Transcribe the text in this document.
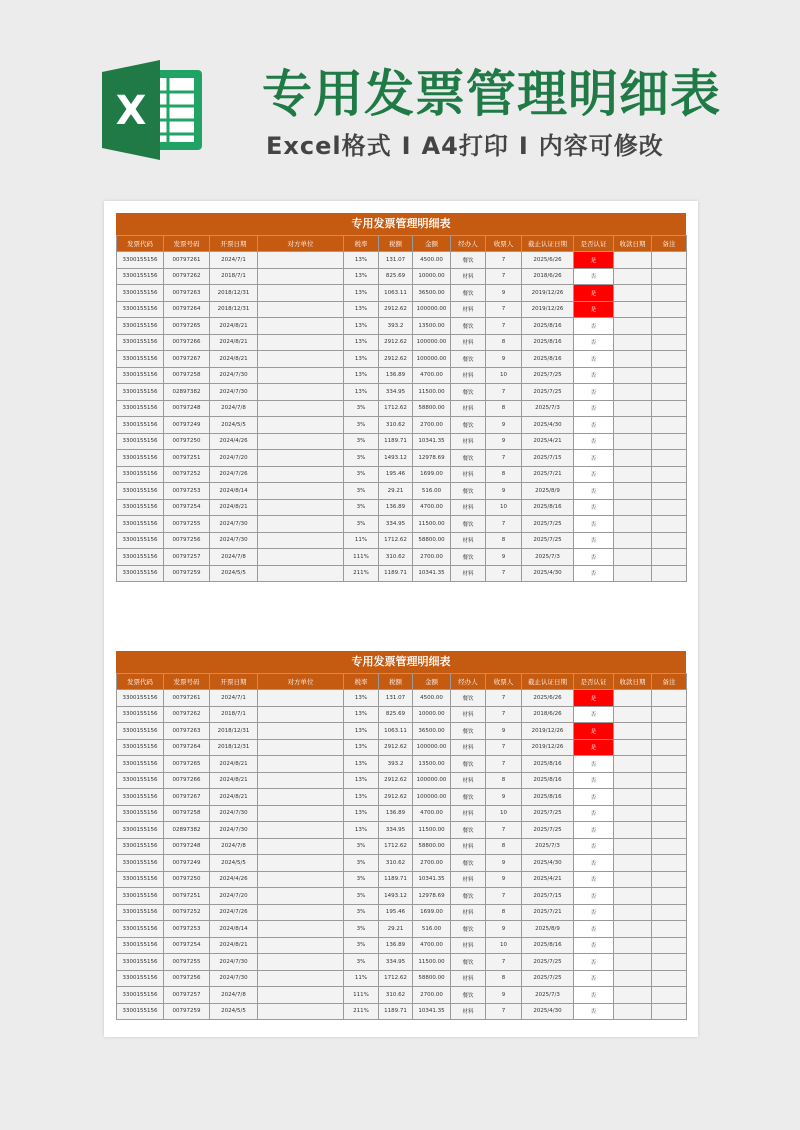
X 专用发票管理明细表
Excel格式 I A4打印 I 内容可修改
专用发票管理明细表
发票代码	发票号码	开票日期	对方单位	税率	税额	金额	经办人	收票人	截止认证日期	是否认证	收款日期	备注
3300155156	00797261	2024/7/1		13%	131.07	4500.00	餐饮	7	2025/6/26	是		
3300155156	00797262	2018/7/1		13%	825.69	10000.00	材料	7	2018/6/26	否		
3300155156	00797263	2018/12/31		13%	1063.11	36500.00	餐饮	9	2019/12/26	是		
3300155156	00797264	2018/12/31		13%	2912.62	100000.00	材料	7	2019/12/26	是		
3300155156	00797265	2024/8/21		13%	393.2	13500.00	餐饮	7	2025/8/16	否		
3300155156	00797266	2024/8/21		13%	2912.62	100000.00	材料	8	2025/8/16	否		
3300155156	00797267	2024/8/21		13%	2912.62	100000.00	餐饮	9	2025/8/16	否		
3300155156	00797258	2024/7/30		13%	136.89	4700.00	材料	10	2025/7/25	否		
3300155156	02897382	2024/7/30		13%	334.95	11500.00	餐饮	7	2025/7/25	否		
3300155156	00797248	2024/7/8		3%	1712.62	58800.00	材料	8	2025/7/3	否		
3300155156	00797249	2024/5/5		3%	310.62	2700.00	餐饮	9	2025/4/30	否		
3300155156	00797250	2024/4/26		3%	1189.71	10341.35	材料	9	2025/4/21	否		
3300155156	00797251	2024/7/20		3%	1493.12	12978.69	餐饮	7	2025/7/15	否		
3300155156	00797252	2024/7/26		3%	195.46	1699.00	材料	8	2025/7/21	否		
3300155156	00797253	2024/8/14		3%	29.21	516.00	餐饮	9	2025/8/9	否		
3300155156	00797254	2024/8/21		3%	136.89	4700.00	材料	10	2025/8/16	否		
3300155156	00797255	2024/7/30		3%	334.95	11500.00	餐饮	7	2025/7/25	否		
3300155156	00797256	2024/7/30		11%	1712.62	58800.00	材料	8	2025/7/25	否		
3300155156	00797257	2024/7/8		111%	310.62	2700.00	餐饮	9	2025/7/3	否		
3300155156	00797259	2024/5/5		211%	1189.71	10341.35	材料	7	2025/4/30	否		
专用发票管理明细表
发票代码	发票号码	开票日期	对方单位	税率	税额	金额	经办人	收票人	截止认证日期	是否认证	收款日期	备注
3300155156	00797261	2024/7/1		13%	131.07	4500.00	餐饮	7	2025/6/26	是		
3300155156	00797262	2018/7/1		13%	825.69	10000.00	材料	7	2018/6/26	否		
3300155156	00797263	2018/12/31		13%	1063.11	36500.00	餐饮	9	2019/12/26	是		
3300155156	00797264	2018/12/31		13%	2912.62	100000.00	材料	7	2019/12/26	是		
3300155156	00797265	2024/8/21		13%	393.2	13500.00	餐饮	7	2025/8/16	否		
3300155156	00797266	2024/8/21		13%	2912.62	100000.00	材料	8	2025/8/16	否		
3300155156	00797267	2024/8/21		13%	2912.62	100000.00	餐饮	9	2025/8/16	否		
3300155156	00797258	2024/7/30		13%	136.89	4700.00	材料	10	2025/7/25	否		
3300155156	02897382	2024/7/30		13%	334.95	11500.00	餐饮	7	2025/7/25	否		
3300155156	00797248	2024/7/8		3%	1712.62	58800.00	材料	8	2025/7/3	否		
3300155156	00797249	2024/5/5		3%	310.62	2700.00	餐饮	9	2025/4/30	否		
3300155156	00797250	2024/4/26		3%	1189.71	10341.35	材料	9	2025/4/21	否		
3300155156	00797251	2024/7/20		3%	1493.12	12978.69	餐饮	7	2025/7/15	否		
3300155156	00797252	2024/7/26		3%	195.46	1699.00	材料	8	2025/7/21	否		
3300155156	00797253	2024/8/14		3%	29.21	516.00	餐饮	9	2025/8/9	否		
3300155156	00797254	2024/8/21		3%	136.89	4700.00	材料	10	2025/8/16	否		
3300155156	00797255	2024/7/30		3%	334.95	11500.00	餐饮	7	2025/7/25	否		
3300155156	00797256	2024/7/30		11%	1712.62	58800.00	材料	8	2025/7/25	否		
3300155156	00797257	2024/7/8		111%	310.62	2700.00	餐饮	9	2025/7/3	否		
3300155156	00797259	2024/5/5		211%	1189.71	10341.35	材料	7	2025/4/30	否		
